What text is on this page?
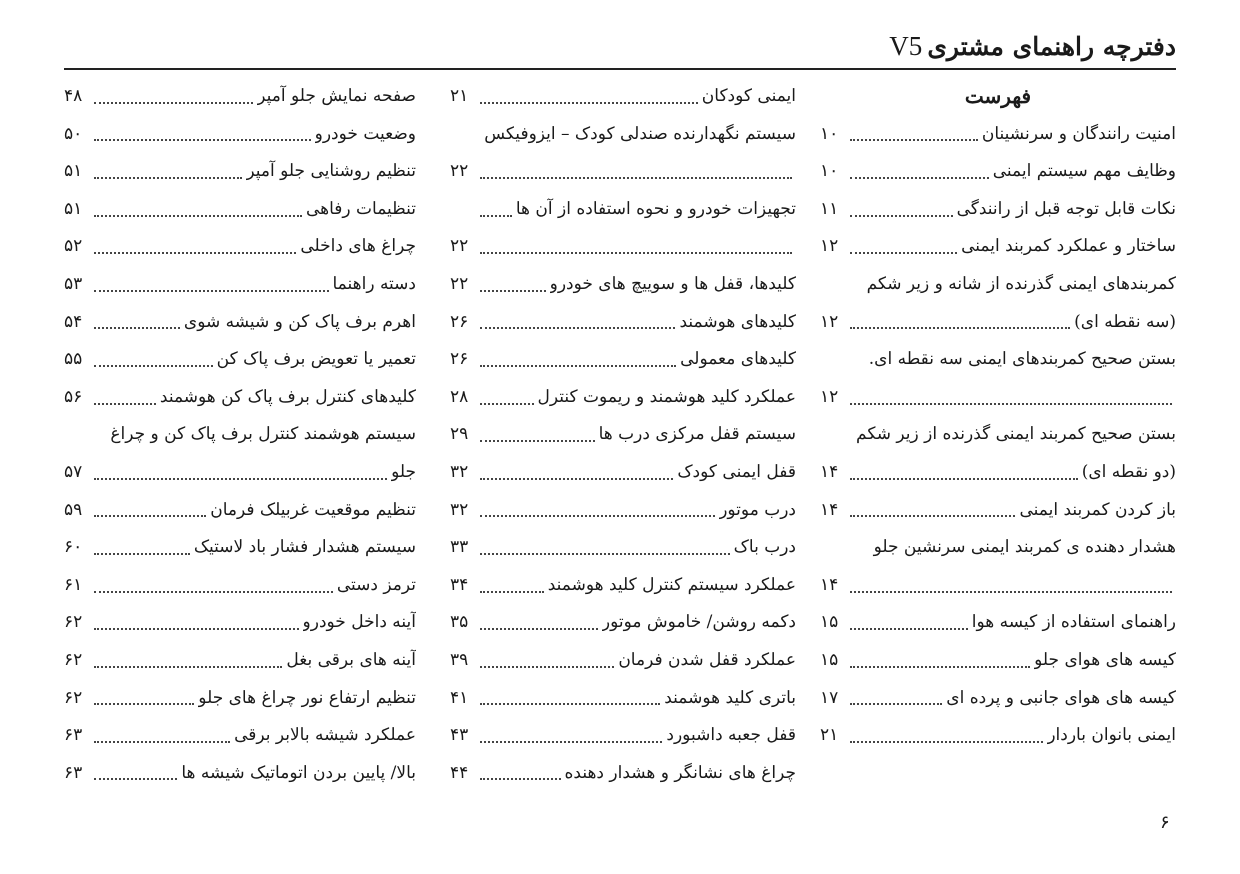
دفترچه راهنمای مشتری V5
فهرست
امنیت رانندگان و سرنشینان
۱۰
وظایف مهم سیستم ایمنی
۱۰
نکات قابل توجه قبل از رانندگی
۱۱
ساختار و عملکرد کمربند ایمنی
۱۲
کمربندهای ایمنی گذرنده از شانه و زیر شکم
(سه نقطه ای)
۱۲
بستن صحیح کمربندهای ایمنی سه نقطه ای.
۱۲
بستن صحیح کمربند ایمنی گذرنده از زیر شکم
(دو نقطه ای)
۱۴
باز کردن کمربند ایمنی
۱۴
هشدار دهنده ی کمربند ایمنی سرنشین جلو
۱۴
راهنمای استفاده از کیسه هوا
۱۵
کیسه های هوای جلو
۱۵
کیسه های هوای جانبی و پرده ای
۱۷
ایمنی بانوان باردار
۲۱
ایمنی کودکان
۲۱
سیستم نگهدارنده صندلی کودک – ایزوفیکس
۲۲
تجهیزات خودرو و نحوه استفاده از آن ها
۲۲
کلیدها، قفل ها و سوییچ های خودرو
۲۲
کلیدهای هوشمند
۲۶
کلیدهای معمولی
۲۶
عملکرد کلید هوشمند و ریموت کنترل
۲۸
سیستم قفل مرکزی درب ها
۲۹
قفل ایمنی کودک
۳۲
درب موتور
۳۲
درب باک
۳۳
عملکرد سیستم کنترل کلید هوشمند
۳۴
دکمه روشن/ خاموش موتور
۳۵
عملکرد قفل شدن فرمان
۳۹
باتری کلید هوشمند
۴۱
قفل جعبه داشبورد
۴۳
چراغ های نشانگر و هشدار دهنده
۴۴
صفحه نمایش جلو آمپر
۴۸
وضعیت خودرو
۵۰
تنظیم روشنایی جلو آمپر
۵۱
تنظیمات رفاهی
۵۱
چراغ های داخلی
۵۲
دسته راهنما
۵۳
اهرم برف پاک کن و شیشه شوی
۵۴
تعمیر یا تعویض برف پاک کن
۵۵
کلیدهای کنترل برف پاک کن هوشمند
۵۶
سیستم هوشمند کنترل برف پاک کن و چراغ
جلو
۵۷
تنظیم موقعیت غربیلک فرمان
۵۹
سیستم هشدار فشار باد لاستیک
۶۰
ترمز دستی
۶۱
آینه داخل خودرو
۶۲
آینه های برقی بغل
۶۲
تنظیم ارتفاع نور چراغ های جلو
۶۲
عملکرد شیشه بالابر برقی
۶۳
بالا/ پایین بردن اتوماتیک شیشه ها
۶۳
۶
